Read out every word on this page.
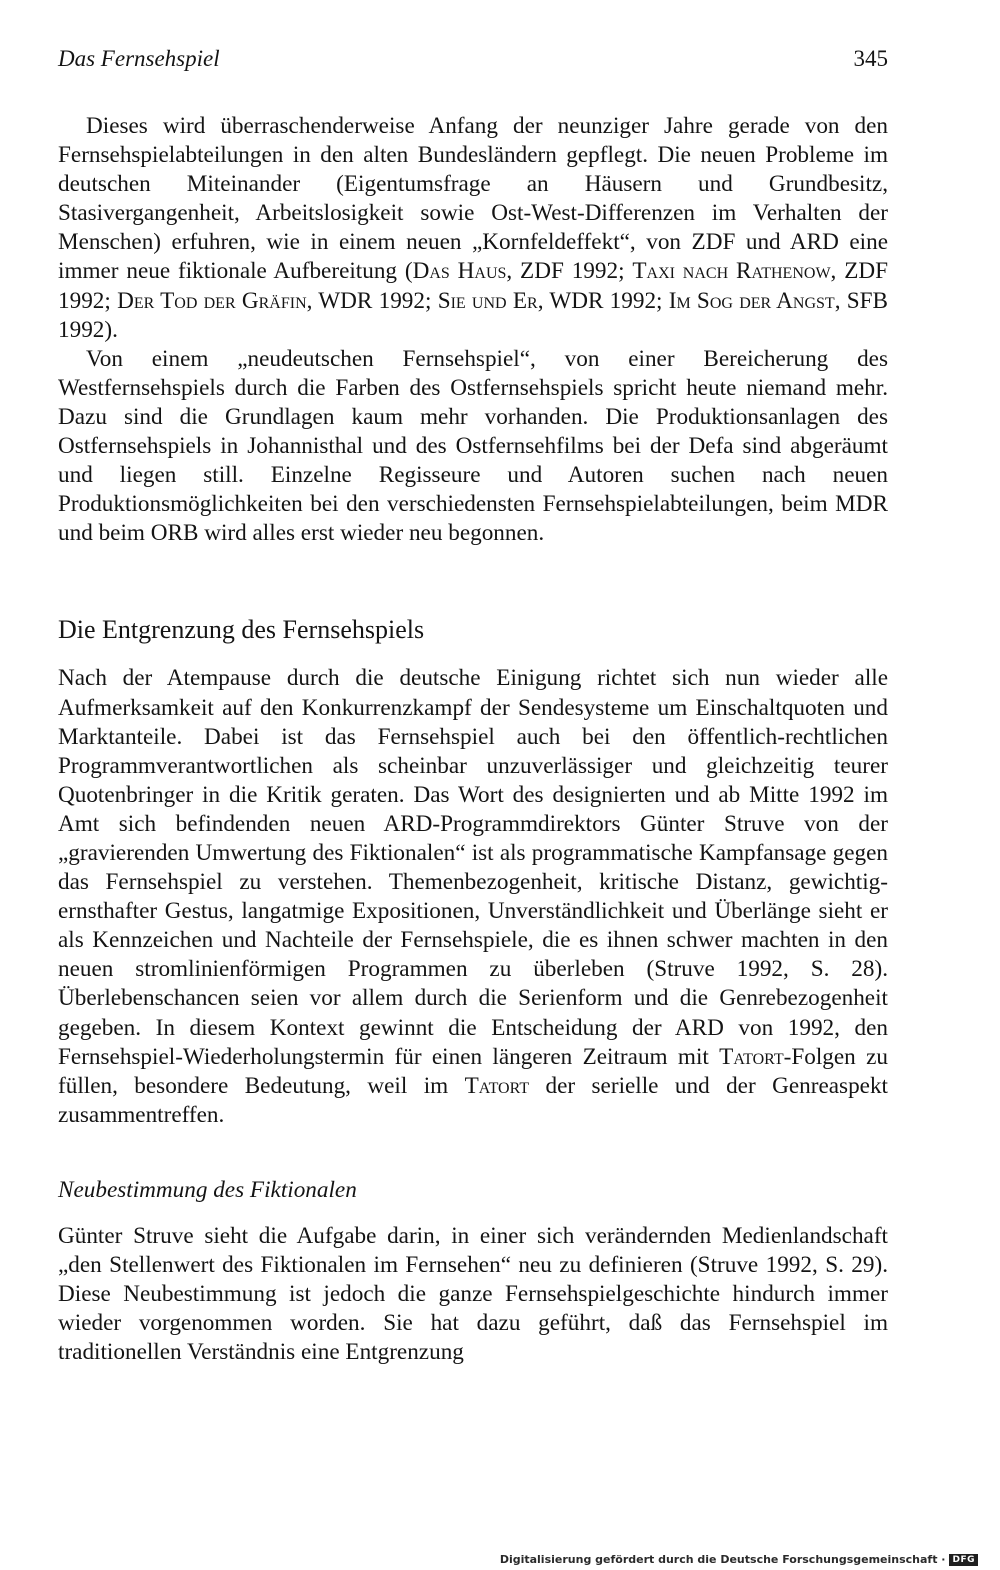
Das Fernsehspiel	345

Dieses wird überraschenderweise Anfang der neunziger Jahre gerade von den Fernsehspielabteilungen in den alten Bundesländern gepflegt. Die neuen Probleme im deutschen Miteinander (Eigentumsfrage an Häusern und Grundbesitz, Stasivergangenheit, Arbeitslosigkeit sowie Ost-West-Differenzen im Verhalten der Menschen) erfuhren, wie in einem neuen „Kornfeldeffekt“, von ZDF und ARD eine immer neue fiktionale Aufbereitung (Das Haus, ZDF 1992; Taxi nach Rathenow, ZDF 1992; Der Tod der Gräfin, WDR 1992; Sie und Er, WDR 1992; Im Sog der Angst, SFB 1992).

Von einem „neudeutschen Fernsehspiel“, von einer Bereicherung des Westfernsehspiels durch die Farben des Ostfernsehspiels spricht heute niemand mehr. Dazu sind die Grundlagen kaum mehr vorhanden. Die Produktionsanlagen des Ostfernsehspiels in Johannisthal und des Ostfernsehfilms bei der Defa sind abgeräumt und liegen still. Einzelne Regisseure und Autoren suchen nach neuen Produktionsmöglichkeiten bei den verschiedensten Fernsehspielabteilungen, beim MDR und beim ORB wird alles erst wieder neu begonnen.

Die Entgrenzung des Fernsehspiels

Nach der Atempause durch die deutsche Einigung richtet sich nun wieder alle Aufmerksamkeit auf den Konkurrenzkampf der Sendesysteme um Einschaltquoten und Marktanteile. Dabei ist das Fernsehspiel auch bei den öffentlich-rechtlichen Programmverantwortlichen als scheinbar unzuverlässiger und gleichzeitig teurer Quotenbringer in die Kritik geraten. Das Wort des designierten und ab Mitte 1992 im Amt sich befindenden neuen ARD-Programmdirektors Günter Struve von der „gravierenden Umwertung des Fiktionalen“ ist als programmatische Kampfansage gegen das Fernsehspiel zu verstehen. Themenbezogenheit, kritische Distanz, gewichtig-ernsthafter Gestus, langatmige Expositionen, Unverständlichkeit und Überlänge sieht er als Kennzeichen und Nachteile der Fernsehspiele, die es ihnen schwer machten in den neuen stromlinienförmigen Programmen zu überleben (Struve 1992, S. 28). Überlebenschancen seien vor allem durch die Serienform und die Genrebezogenheit gegeben. In diesem Kontext gewinnt die Entscheidung der ARD von 1992, den Fernsehspiel-Wiederholungstermin für einen längeren Zeitraum mit Tatort-Folgen zu füllen, besondere Bedeutung, weil im Tatort der serielle und der Genreaspekt zusammentreffen.

Neubestimmung des Fiktionalen

Günter Struve sieht die Aufgabe darin, in einer sich verändernden Medienlandschaft „den Stellenwert des Fiktionalen im Fernsehen“ neu zu definieren (Struve 1992, S. 29). Diese Neubestimmung ist jedoch die ganze Fernsehspielgeschichte hindurch immer wieder vorgenommen worden. Sie hat dazu geführt, daß das Fernsehspiel im traditionellen Verständnis eine Entgrenzung

Digitalisierung gefördert durch die Deutsche Forschungsgemeinschaft · DFG
